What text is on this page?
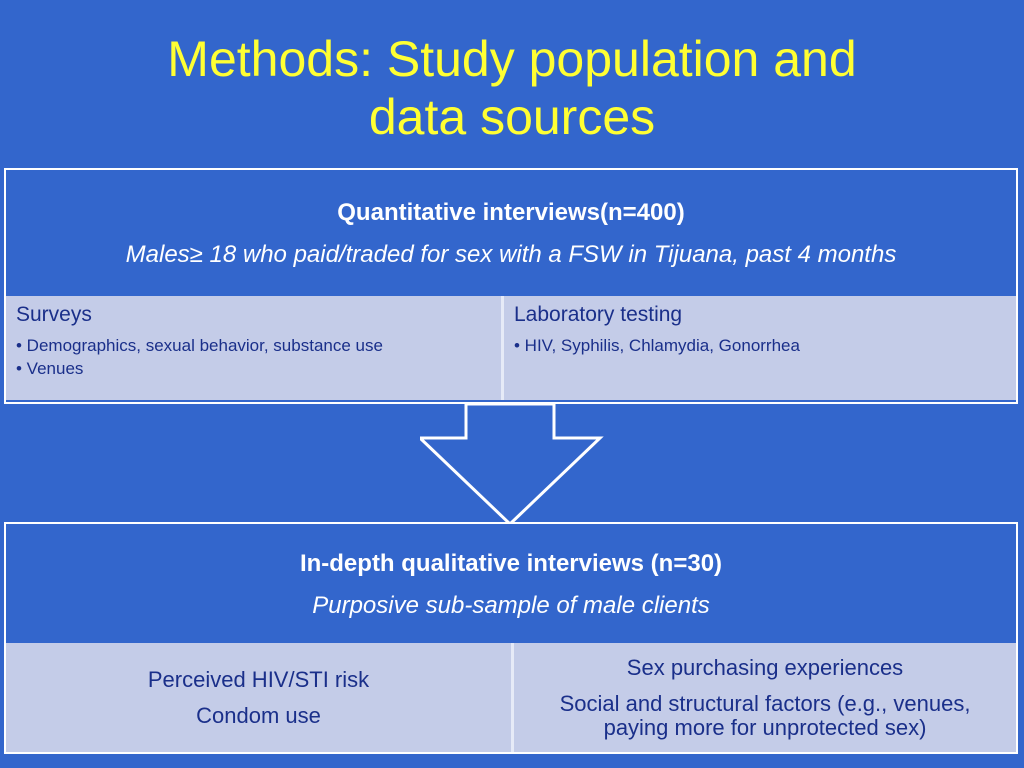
Methods: Study population and
data sources
Quantitative interviews(n=400)
Males≥ 18 who paid/traded for sex with a FSW in Tijuana, past 4 months
Surveys
• Demographics, sexual behavior, substance use
• Venues
Laboratory testing
• HIV, Syphilis, Chlamydia, Gonorrhea
In-depth qualitative interviews (n=30)
Purposive sub-sample of male clients
Perceived HIV/STI risk
Condom use
Sex purchasing experiences
Social and structural factors (e.g., venues, paying more for unprotected sex)
